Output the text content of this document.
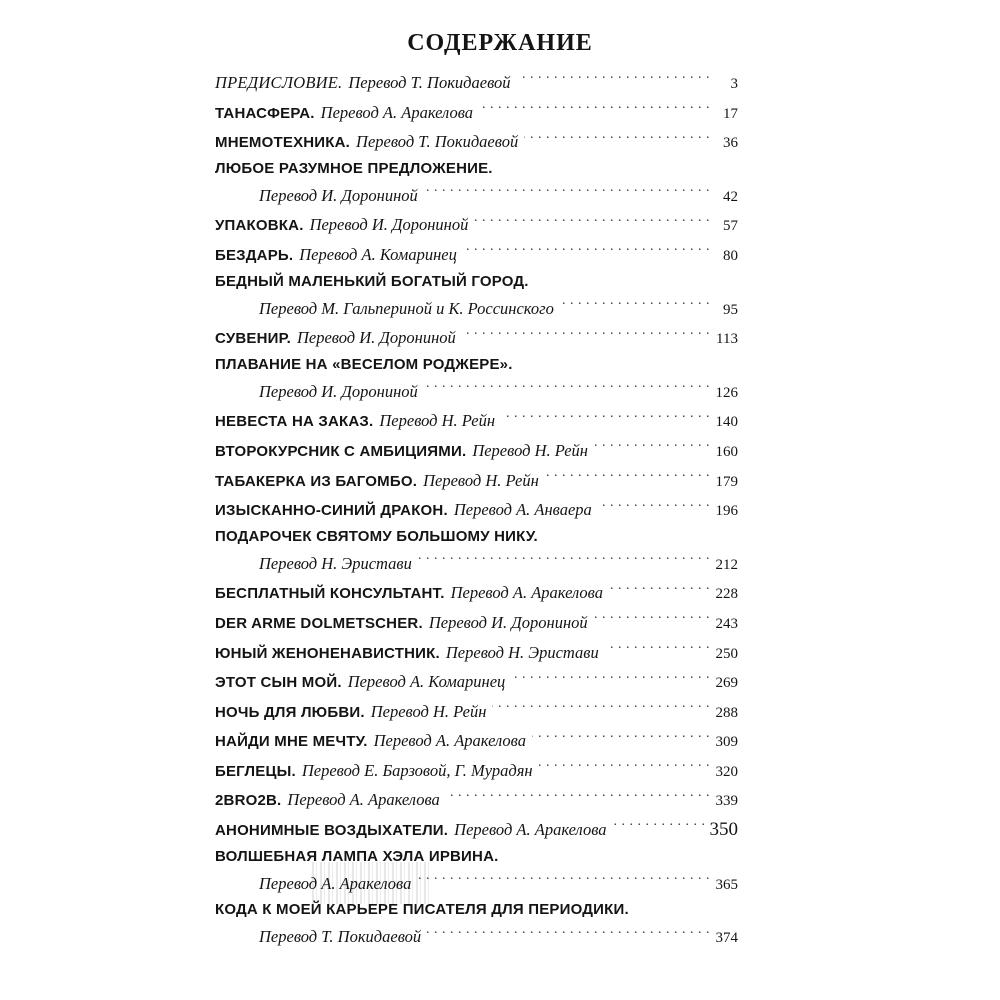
СОДЕРЖАНИЕ
ПРЕДИСЛОВИЕ. Перевод Т. Покидаевой . . .	3
ТАНАСФЕРА. Перевод А. Аракелова . . .	17
МНЕМОТЕХНИКА. Перевод Т. Покидаевой . . .	36
ЛЮБОЕ РАЗУМНОЕ ПРЕДЛОЖЕНИЕ.
Перевод И. Дорониной . . .	42
УПАКОВКА. Перевод И. Дорониной . . .	57
БЕЗДАРЬ. Перевод А. Комаринец . . .	80
БЕДНЫЙ МАЛЕНЬКИЙ БОГАТЫЙ ГОРОД.
Перевод М. Гальпериной и К. Россинского . . .	95
СУВЕНИР. Перевод И. Дорониной . . .	113
ПЛАВАНИЕ НА «ВЕСЕЛОМ РОДЖЕРЕ».
Перевод И. Дорониной . . .	126
НЕВЕСТА НА ЗАКАЗ. Перевод Н. Рейн . . .	140
ВТОРОКУРСНИК С АМБИЦИЯМИ. Перевод Н. Рейн . . .	160
ТАБАКЕРКА ИЗ БАГОМБО. Перевод Н. Рейн . . .	179
ИЗЫСКАННО-СИНИЙ ДРАКОН. Перевод А. Анваера . . .	196
ПОДАРОЧЕК СВЯТОМУ БОЛЬШОМУ НИКУ.
Перевод Н. Эристави . . .	212
БЕСПЛАТНЫЙ КОНСУЛЬТАНТ. Перевод А. Аракелова . . .	228
DER ARME DOLMETSCHER. Перевод И. Дорониной . . .	243
ЮНЫЙ ЖЕНОНЕНАВИСТНИК. Перевод Н. Эристави . . .	250
ЭТОТ СЫН МОЙ. Перевод А. Комаринец . . .	269
НОЧЬ ДЛЯ ЛЮБВИ. Перевод Н. Рейн . . .	288
НАЙДИ МНЕ МЕЧТУ. Перевод А. Аракелова . . .	309
БЕГЛЕЦЫ. Перевод Е. Барзовой, Г. Мурадян . . .	320
2BRO2B. Перевод А. Аракелова . . .	339
АНОНИМНЫЕ ВОЗДЫХАТЕЛИ. Перевод А. Аракелова . . .	350
ВОЛШЕБНАЯ ЛАМПА ХЭЛА ИРВИНА.
Перевод А. Аракелова . . .	365
КОДА К МОЕЙ КАРЬЕРЕ ПИСАТЕЛЯ ДЛЯ ПЕРИОДИКИ.
Перевод Т. Покидаевой . . .	374
